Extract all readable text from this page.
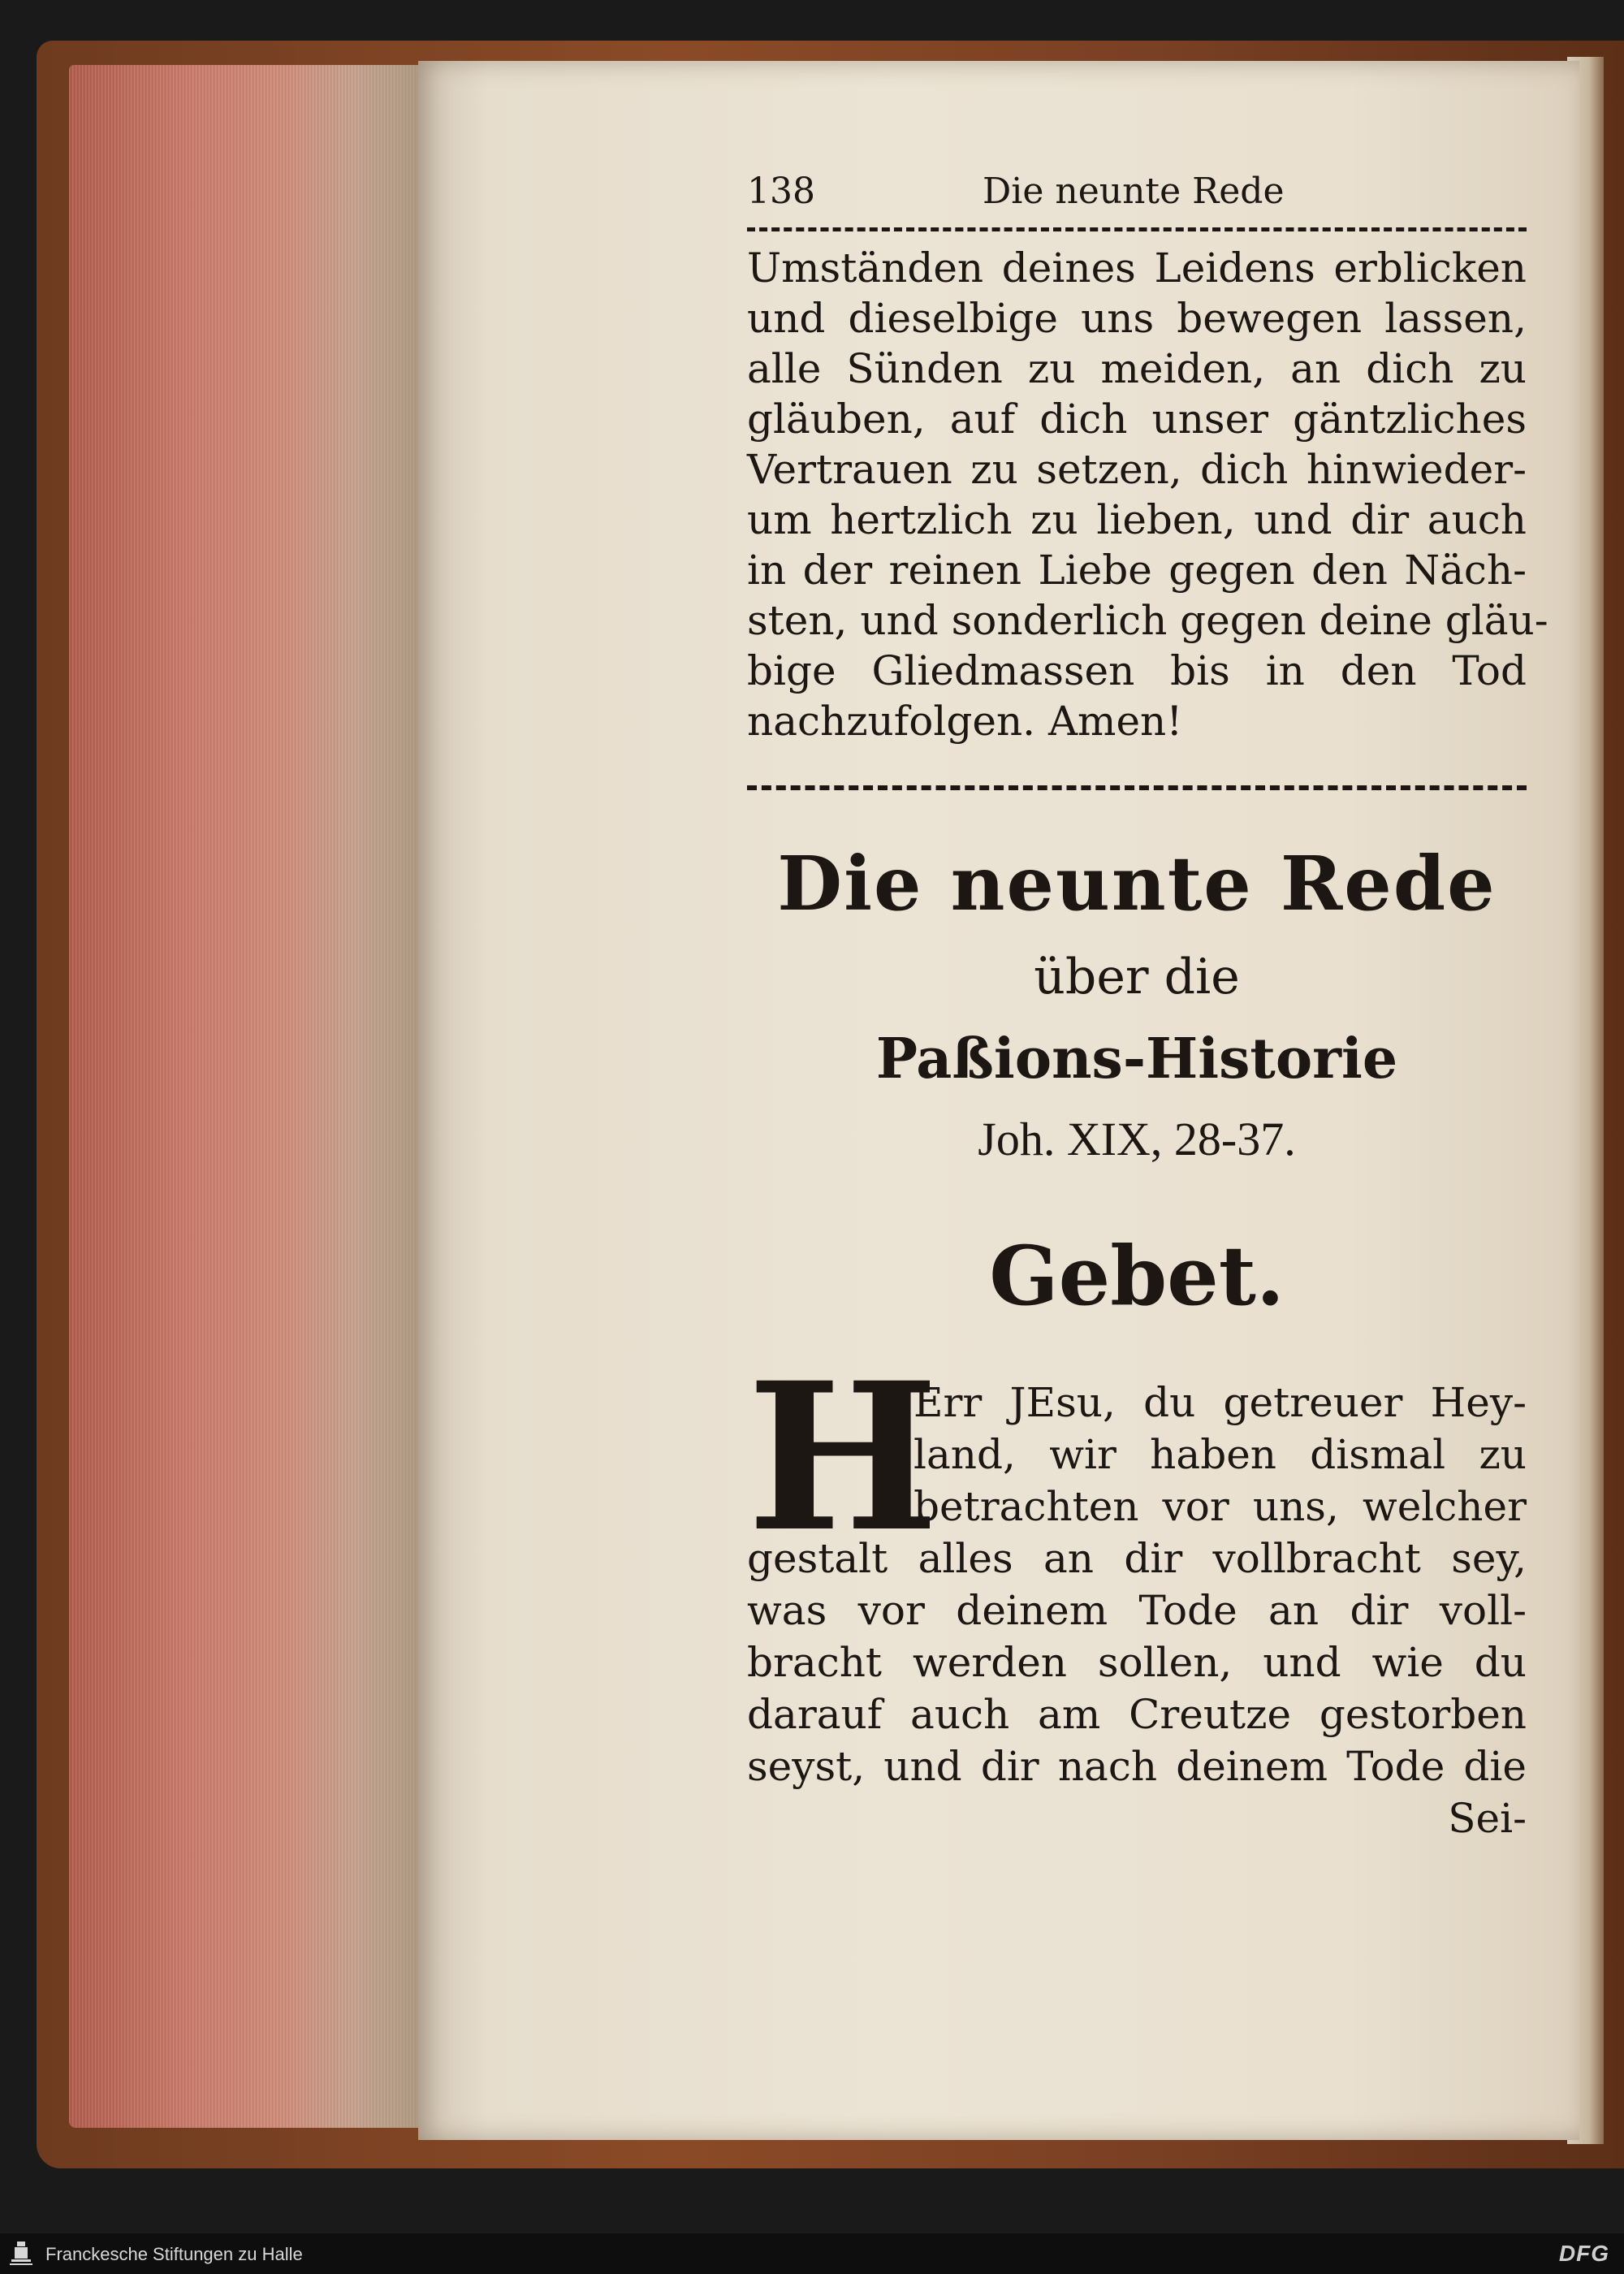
138	Die neunte Rede
Umständen deines Leidens erblicken
und dieselbige uns bewegen lassen,
alle Sünden zu meiden, an dich zu
gläuben, auf dich unser gäntzliches
Vertrauen zu setzen, dich hinwieder-
um hertzlich zu lieben, und dir auch
in der reinen Liebe gegen den Näch-
sten, und sonderlich gegen deine gläu-
bige Gliedmassen bis in den Tod
nachzufolgen. Amen!
Die neunte Rede
über die
Paßions-Historie
Joh. XIX, 28-37.
Gebet.
H
Err JEsu, du getreuer Hey-
land, wir haben dismal zu
betrachten vor uns, welcher
gestalt alles an dir vollbracht sey,
was vor deinem Tode an dir voll-
bracht werden sollen, und wie du
darauf auch am Creutze gestorben
seyst, und dir nach deinem Tode die
Sei-
Franckesche Stiftungen zu Halle	DFG
